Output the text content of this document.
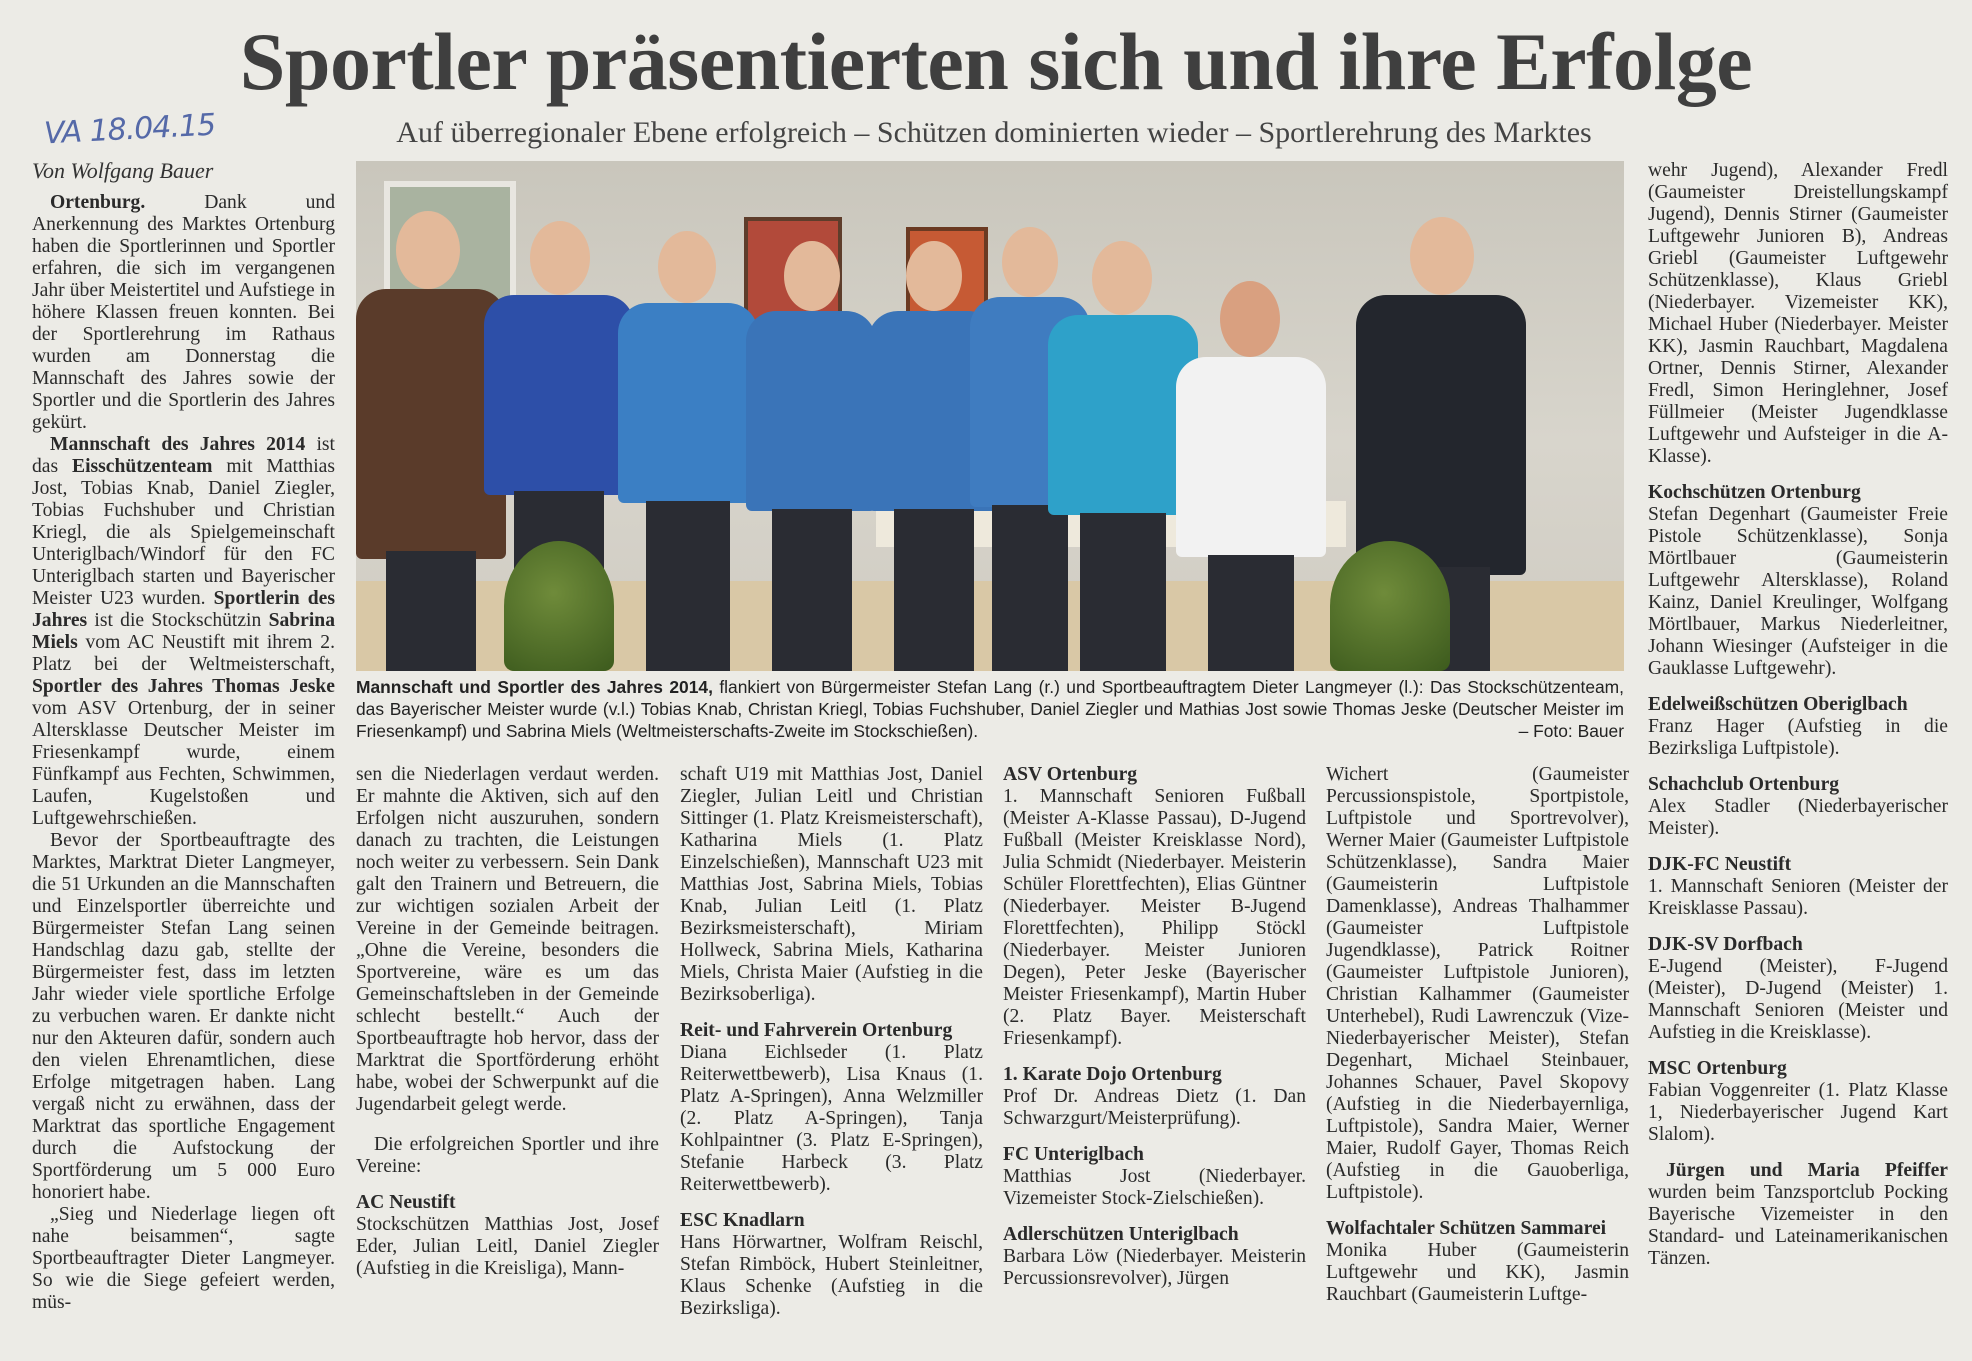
Sportler präsentierten sich und ihre Erfolge
Auf überregionaler Ebene erfolgreich – Schützen dominierten wieder – Sportlerehrung des Marktes
VA 18.04.15
Von Wolfgang Bauer
Mannschaft und Sportler des Jahres 2014, flankiert von Bürgermeister Stefan Lang (r.) und Sportbeauftragtem Dieter Langmeyer (l.): Das Stockschützenteam, das Bayerischer Meister wurde (v.l.) Tobias Knab, Christan Kriegl, Tobias Fuchshuber, Daniel Ziegler und Mathias Jost sowie Thomas Jeske (Deutscher Meister im Friesenkampf) und Sabrina Miels (Weltmeisterschafts-Zweite im Stockschießen).	– Foto: Bauer

Ortenburg. Dank und Anerkennung des Marktes Ortenburg haben die Sportlerinnen und Sportler erfahren, die sich im vergangenen Jahr über Meistertitel und Aufstiege in höhere Klassen freuen konnten. Bei der Sportlerehrung im Rathaus wurden am Donnerstag die Mannschaft des Jahres sowie der Sportler und die Sportlerin des Jahres gekürt.

Mannschaft des Jahres 2014 ist das Eisschützenteam mit Matthias Jost, Tobias Knab, Daniel Ziegler, Tobias Fuchshuber und Christian Kriegl, die als Spielgemeinschaft Unteriglbach/Windorf für den FC Unteriglbach starten und Bayerischer Meister U23 wurden. Sportlerin des Jahres ist die Stockschützin Sabrina Miels vom AC Neustift mit ihrem 2. Platz bei der Weltmeisterschaft, Sportler des Jahres Thomas Jeske vom ASV Ortenburg, der in seiner Altersklasse Deutscher Meister im Friesenkampf wurde, einem Fünfkampf aus Fechten, Schwimmen, Laufen, Kugelstoßen und Luftgewehrschießen.

Bevor der Sportbeauftragte des Marktes, Marktrat Dieter Langmeyer, die 51 Urkunden an die Mannschaften und Einzelsportler überreichte und Bürgermeister Stefan Lang seinen Handschlag dazu gab, stellte der Bürgermeister fest, dass im letzten Jahr wieder viele sportliche Erfolge zu verbuchen waren. Er dankte nicht nur den Akteuren dafür, sondern auch den vielen Ehrenamtlichen, diese Erfolge mitgetragen haben. Lang vergaß nicht zu erwähnen, dass der Marktrat das sportliche Engagement durch die Aufstockung der Sportförderung um 5 000 Euro honoriert habe.

„Sieg und Niederlage liegen oft nahe beisammen“, sagte Sportbeauftragter Dieter Langmeyer. So wie die Siege gefeiert werden, müs-

sen die Niederlagen verdaut werden. Er mahnte die Aktiven, sich auf den Erfolgen nicht auszuruhen, sondern danach zu trachten, die Leistungen noch weiter zu verbessern. Sein Dank galt den Trainern und Betreuern, die zur wichtigen sozialen Arbeit der Vereine in der Gemeinde beitragen. „Ohne die Vereine, besonders die Sportvereine, wäre es um das Gemeinschaftsleben in der Gemeinde schlecht bestellt.“ Auch der Sportbeauftragte hob hervor, dass der Marktrat die Sportförderung erhöht habe, wobei der Schwerpunkt auf die Jugendarbeit gelegt werde.

Die erfolgreichen Sportler und ihre Vereine:

AC Neustift

Stockschützen Matthias Jost, Josef Eder, Julian Leitl, Daniel Ziegler (Aufstieg in die Kreisliga), Mann-

schaft U19 mit Matthias Jost, Daniel Ziegler, Julian Leitl und Christian Sittinger (1. Platz Kreismeisterschaft), Katharina Miels (1. Platz Einzelschießen), Mannschaft U23 mit Matthias Jost, Sabrina Miels, Tobias Knab, Julian Leitl (1. Platz Bezirksmeisterschaft), Miriam Hollweck, Sabrina Miels, Katharina Miels, Christa Maier (Aufstieg in die Bezirksoberliga).

Reit- und Fahrverein Ortenburg

Diana Eichlseder (1. Platz Reiterwettbewerb), Lisa Knaus (1. Platz A-Springen), Anna Welzmiller (2. Platz A-Springen), Tanja Kohlpaintner (3. Platz E-Springen), Stefanie Harbeck (3. Platz Reiterwettbewerb).

ESC Knadlarn

Hans Hörwartner, Wolfram Reischl, Stefan Rimböck, Hubert Steinleitner, Klaus Schenke (Aufstieg in die Bezirksliga).

ASV Ortenburg

1. Mannschaft Senioren Fußball (Meister A-Klasse Passau), D-Jugend Fußball (Meister Kreisklasse Nord), Julia Schmidt (Niederbayer. Meisterin Schüler Florettfechten), Elias Güntner (Niederbayer. Meister B-Jugend Florettfechten), Philipp Stöckl (Niederbayer. Meister Junioren Degen), Peter Jeske (Bayerischer Meister Friesenkampf), Martin Huber (2. Platz Bayer. Meisterschaft Friesenkampf).

1. Karate Dojo Ortenburg

Prof Dr. Andreas Dietz (1. Dan Schwarzgurt/Meisterprüfung).

FC Unteriglbach

Matthias Jost (Niederbayer. Vizemeister Stock-Zielschießen).

Adlerschützen Unteriglbach

Barbara Löw (Niederbayer. Meisterin Percussionsrevolver), Jürgen

Wichert (Gaumeister Percussionspistole, Sportpistole, Luftpistole und Sportrevolver), Werner Maier (Gaumeister Luftpistole Schützenklasse), Sandra Maier (Gaumeisterin Luftpistole Damenklasse), Andreas Thalhammer (Gaumeister Luftpistole Jugendklasse), Patrick Roitner (Gaumeister Luftpistole Junioren), Christian Kalhammer (Gaumeister Unterhebel), Rudi Lawrenczuk (Vize-Niederbayerischer Meister), Stefan Degenhart, Michael Steinbauer, Johannes Schauer, Pavel Skopovy (Aufstieg in die Niederbayernliga, Luftpistole), Sandra Maier, Werner Maier, Rudolf Gayer, Thomas Reich (Aufstieg in die Gauoberliga, Luftpistole).

Wolfachtaler Schützen Sammarei

Monika Huber (Gaumeisterin Luftgewehr und KK), Jasmin Rauchbart (Gaumeisterin Luftge-

wehr Jugend), Alexander Fredl (Gaumeister Dreistellungskampf Jugend), Dennis Stirner (Gaumeister Luftgewehr Junioren B), Andreas Griebl (Gaumeister Luftgewehr Schützenklasse), Klaus Griebl (Niederbayer. Vizemeister KK), Michael Huber (Niederbayer. Meister KK), Jasmin Rauchbart, Magdalena Ortner, Dennis Stirner, Alexander Fredl, Simon Heringlehner, Josef Füllmeier (Meister Jugendklasse Luftgewehr und Aufsteiger in die A-Klasse).

Kochschützen Ortenburg

Stefan Degenhart (Gaumeister Freie Pistole Schützenklasse), Sonja Mörtlbauer (Gaumeisterin Luftgewehr Altersklasse), Roland Kainz, Daniel Kreulinger, Wolfgang Mörtlbauer, Markus Niederleitner, Johann Wiesinger (Aufsteiger in die Gauklasse Luftgewehr).

Edelweißschützen Oberiglbach

Franz Hager (Aufstieg in die Bezirksliga Luftpistole).

Schachclub Ortenburg

Alex Stadler (Niederbayerischer Meister).

DJK-FC Neustift

1. Mannschaft Senioren (Meister der Kreisklasse Passau).

DJK-SV Dorfbach

E-Jugend (Meister), F-Jugend (Meister), D-Jugend (Meister) 1. Mannschaft Senioren (Meister und Aufstieg in die Kreisklasse).

MSC Ortenburg

Fabian Voggenreiter (1. Platz Klasse 1, Niederbayerischer Jugend Kart Slalom).

Jürgen und Maria Pfeiffer wurden beim Tanzsportclub Pocking Bayerische Vizemeister in den Standard- und Lateinamerikanischen Tänzen.
